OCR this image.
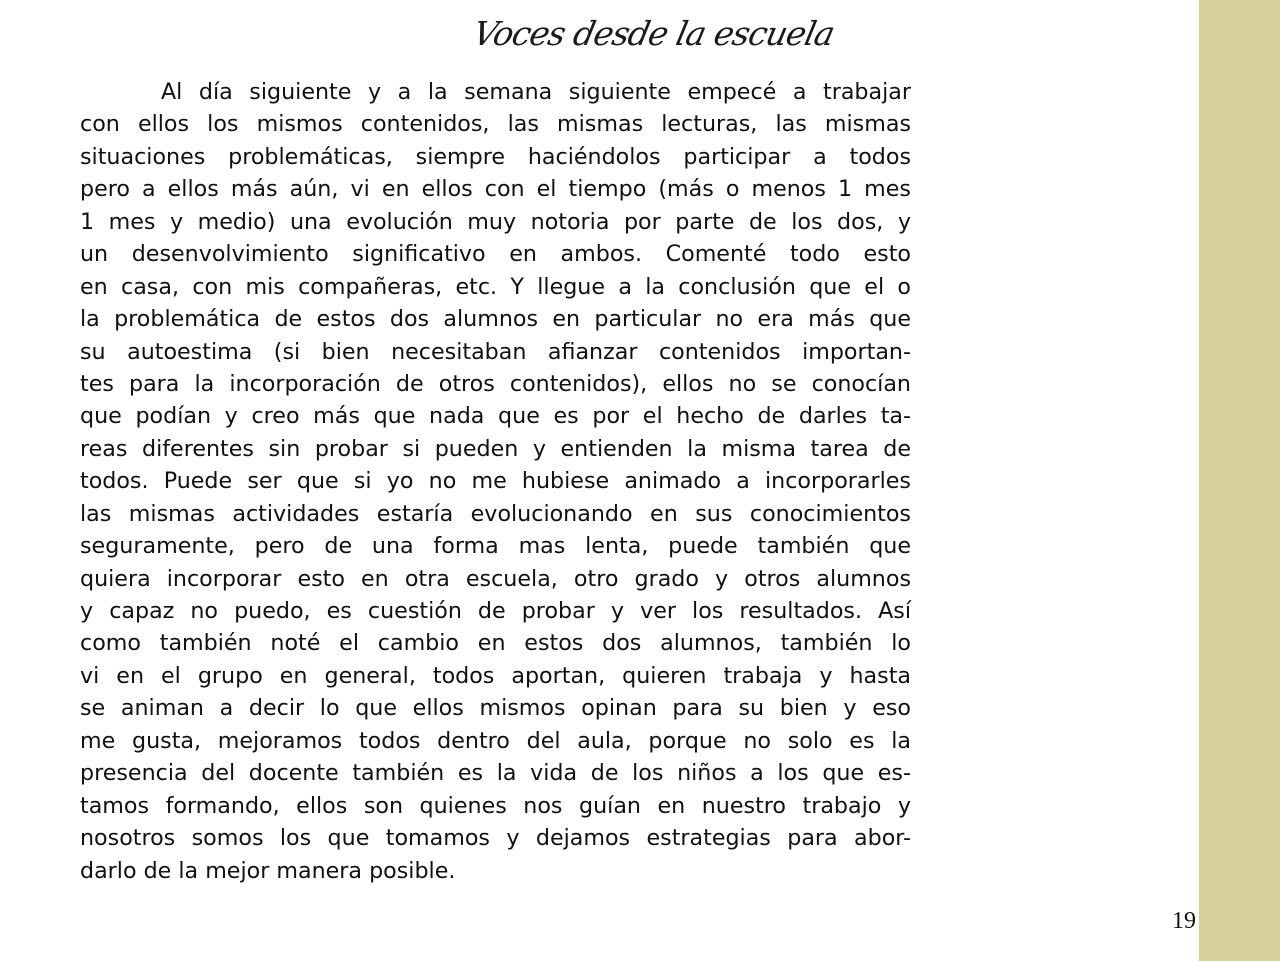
Voces desde la escuela
Al día siguiente y a la semana siguiente empecé a trabajar
con ellos los mismos contenidos, las mismas lecturas, las mismas
situaciones problemáticas, siempre haciéndolos participar a todos
pero a ellos más aún, vi en ellos con el tiempo (más o menos 1 mes
1 mes y medio) una evolución muy notoria por parte de los dos, y
un desenvolvimiento significativo en ambos. Comenté todo esto
en casa, con mis compañeras, etc. Y llegue a la conclusión que el o
la problemática de estos dos alumnos en particular no era más que
su autoestima (si bien necesitaban afianzar contenidos importan-
tes para la incorporación de otros contenidos), ellos no se conocían
que podían y creo más que nada que es por el hecho de darles ta-
reas diferentes sin probar si pueden y entienden la misma tarea de
todos. Puede ser que si yo no me hubiese animado a incorporarles
las mismas actividades estaría evolucionando en sus conocimientos
seguramente, pero de una forma mas lenta, puede también que
quiera incorporar esto en otra escuela, otro grado y otros alumnos
y capaz no puedo, es cuestión de probar y ver los resultados. Así
como también noté el cambio en estos dos alumnos, también lo
vi en el grupo en general, todos aportan, quieren trabaja y hasta
se animan a decir lo que ellos mismos opinan para su bien y eso
me gusta, mejoramos todos dentro del aula, porque no solo es la
presencia del docente también es la vida de los niños a los que es-
tamos formando, ellos son quienes nos guían en nuestro trabajo y
nosotros somos los que tomamos y dejamos estrategias para abor-
darlo de la mejor manera posible.
19
